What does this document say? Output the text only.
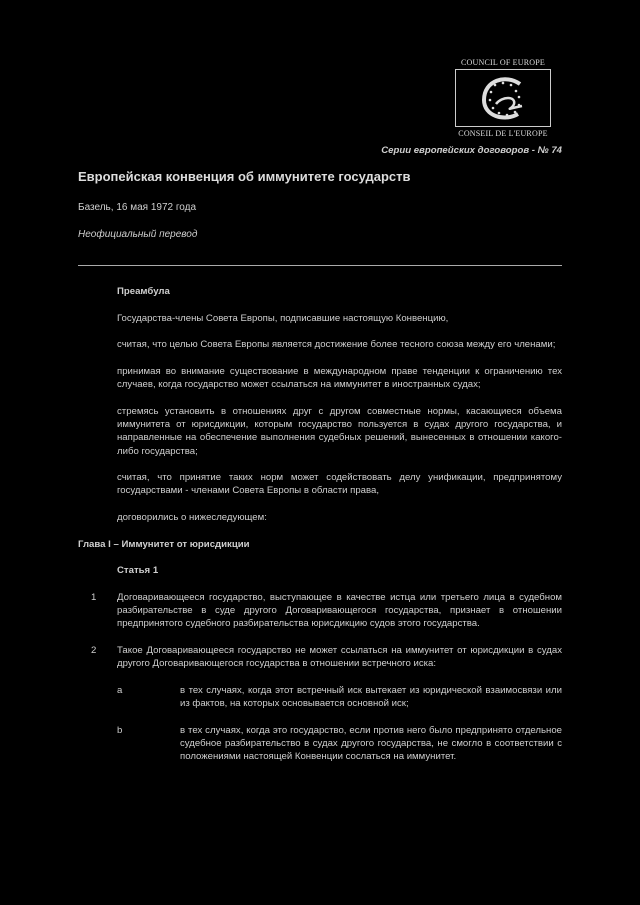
COUNCIL OF EUROPE
CONSEIL DE L'EUROPE
Серии европейских договоров - № 74
Европейская конвенция об иммунитете государств
Базель, 16 мая 1972 года
Неофициальный перевод
Преамбула
Государства-члены Совета Европы, подписавшие настоящую Конвенцию,
считая, что целью Совета Европы является достижение более тесного союза между его членами;
принимая во внимание существование в международном праве тенденции к ограничению тех случаев, когда государство может ссылаться на иммунитет в иностранных судах;
стремясь установить в отношениях друг с другом совместные нормы, касающиеся объема иммунитета от юрисдикции, которым государство пользуется в судах другого государства, и направленные на обеспечение выполнения судебных решений, вынесенных в отношении какого-либо государства;
считая, что принятие таких норм может содействовать делу унификации, предпринятому государствами - членами Совета Европы в области права,
договорились о нижеследующем:
Глава I – Иммунитет от юрисдикции
Статья 1
1	Договаривающееся государство, выступающее в качестве истца или третьего лица в судебном разбирательстве в суде другого Договаривающегося государства, признает в отношении предпринятого судебного разбирательства юрисдикцию судов этого государства.
2	Такое Договаривающееся государство не может ссылаться на иммунитет от юрисдикции в судах другого Договаривающегося государства в отношении встречного иска:
a	в тех случаях, когда этот встречный иск вытекает из юридической взаимосвязи или из фактов, на которых основывается основной иск;
b	в тех случаях, когда это государство, если против него было предпринято отдельное судебное разбирательство в судах другого государства, не смогло в соответствии с положениями настоящей Конвенции сослаться на иммунитет.
